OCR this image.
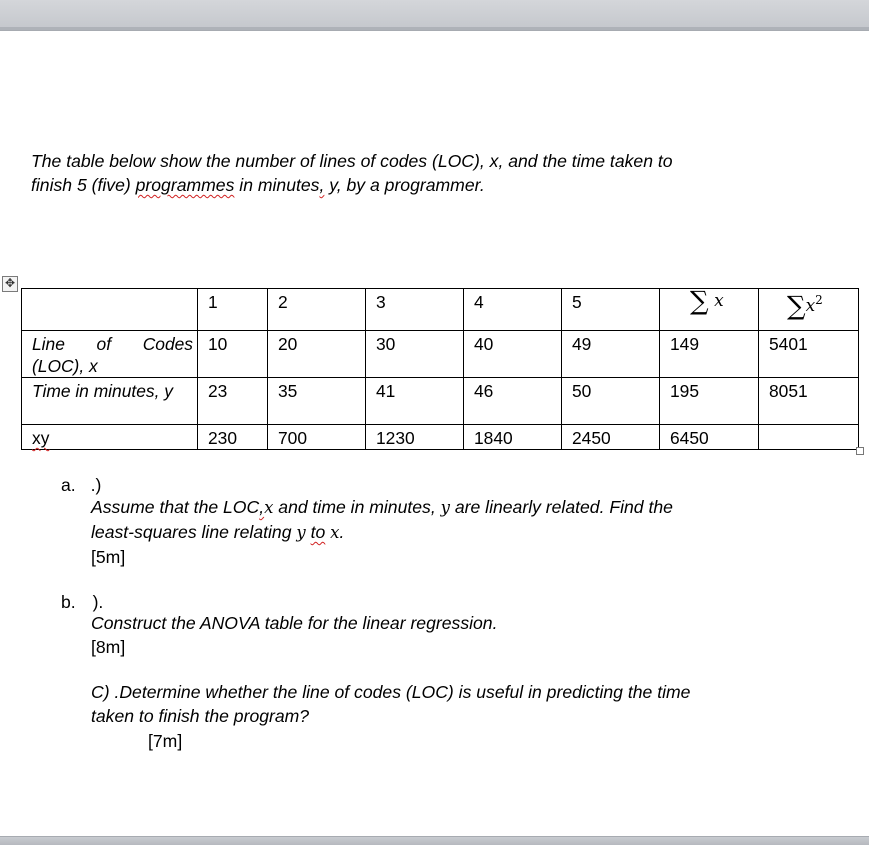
The table below show the number of lines of codes (LOC), x, and the time taken to
finish 5 (five) programmes in minutes, y, by a programmer.
✥
	1	2	3	4	5	∑ x	$\sum x^2$
Line of Codes (LOC), x	10	20	30	40	49	149	5401
Time in minutes, y	23	35	41	46	50	195	8051
xy	230	700	1230	1840	2450	6450	
a. .)
Assume that the LOC,x and time in minutes, y are linearly related. Find the
least-squares line relating y to x.
[5m]
b. ).
Construct the ANOVA table for the linear regression.
[8m]
C) .Determine whether the line of codes (LOC) is useful in predicting the time
taken to finish the program?
[7m]
